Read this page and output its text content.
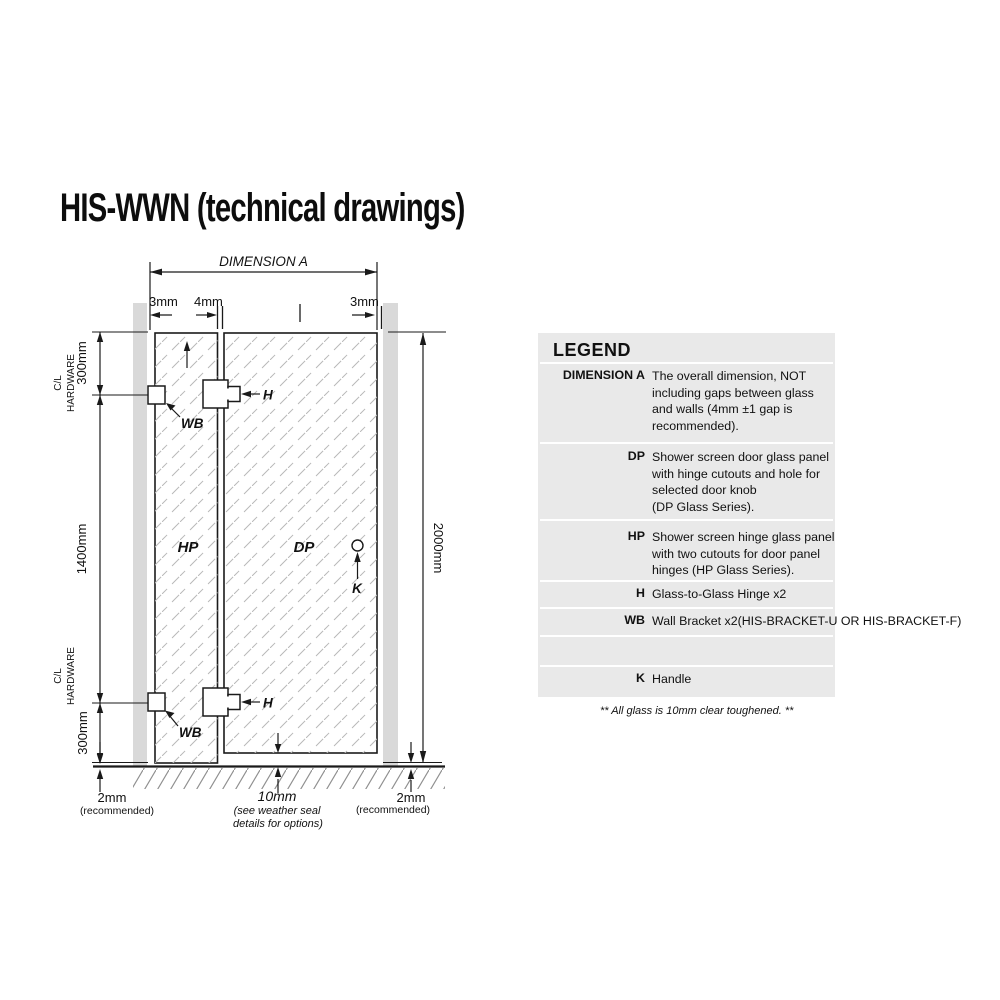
HIS-WWN (technical drawings)
DIMENSION A
3mm 4mm	3mm
300mm
C/L HARDWARE
1400mm
C/L HARDWARE
300mm
2000mm
H
WB
H
WB
HP	DP
K
2mm
(recommended)
10mm
(see weather seal
details for options)
2mm
(recommended)
LEGEND
DIMENSION A The overall dimension, NOT
including gaps between glass
and walls (4mm ±1 gap is
recommended).
DP Shower screen door glass panel
with hinge cutouts and hole for
selected door knob
(DP Glass Series).
HP Shower screen hinge glass panel
with two cutouts for door panel
hinges (HP Glass Series).
H Glass-to-Glass Hinge x2
WB Wall Bracket x2(HIS-BRACKET-U OR HIS-BRACKET-F)
K Handle
** All glass is 10mm clear toughened. **
